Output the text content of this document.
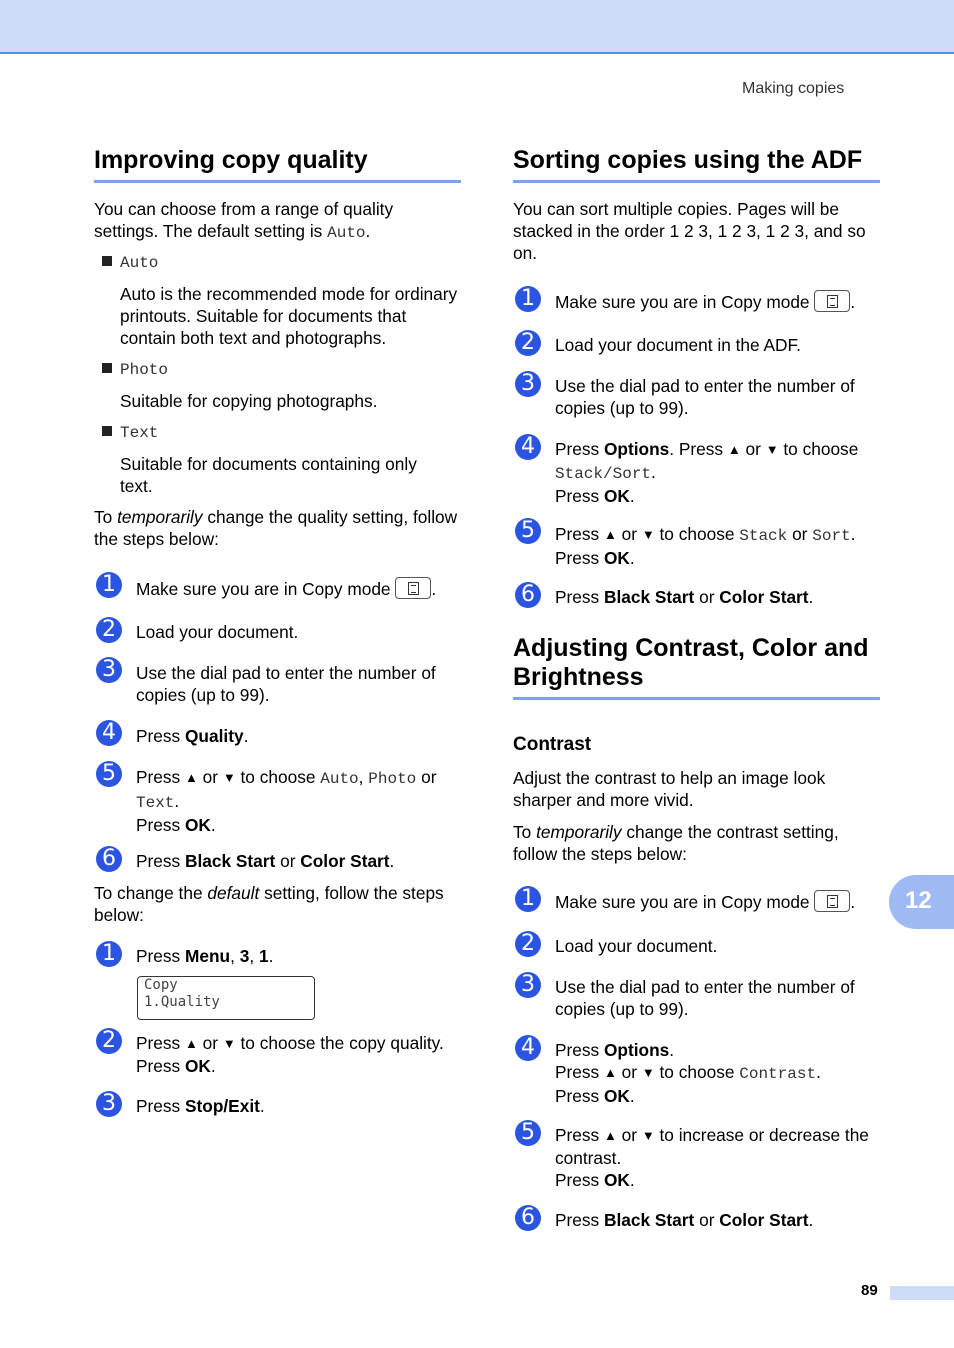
Making copies
Improving copy quality
You can choose from a range of quality settings. The default setting is Auto.
Auto
Auto is the recommended mode for ordinary printouts. Suitable for documents that contain both text and photographs.
Photo
Suitable for copying photographs.
Text
Suitable for documents containing only text.
To temporarily change the quality setting, follow the steps below:
1	Make sure you are in Copy mode .
2	Load your document.
3	Use the dial pad to enter the number of copies (up to 99).
4	Press Quality.
5	Press ▲ or ▼ to choose Auto, Photo or
Text.
Press OK.
6	Press Black Start or Color Start.
To change the default setting, follow the steps below:
1	Press Menu, 3, 1.
Copy
1.Quality
2	Press ▲ or ▼ to choose the copy quality.
Press OK.
3	Press Stop/Exit.
Sorting copies using the ADF
You can sort multiple copies. Pages will be stacked in the order 1 2 3, 1 2 3, 1 2 3, and so on.
1	Make sure you are in Copy mode .
2	Load your document in the ADF.
3	Use the dial pad to enter the number of copies (up to 99).
4	Press Options. Press ▲ or ▼ to choose
Stack/Sort.
Press OK.
5	Press ▲ or ▼ to choose Stack or Sort.
Press OK.
6	Press Black Start or Color Start.
Adjusting Contrast, Color and
Brightness
Contrast
Adjust the contrast to help an image look sharper and more vivid.
To temporarily change the contrast setting, follow the steps below:
1	Make sure you are in Copy mode .
2	Load your document.
3	Use the dial pad to enter the number of copies (up to 99).
4	Press Options.
Press ▲ or ▼ to choose Contrast.
Press OK.
5	Press ▲ or ▼ to increase or decrease the contrast.
Press OK.
6	Press Black Start or Color Start.
12
89
